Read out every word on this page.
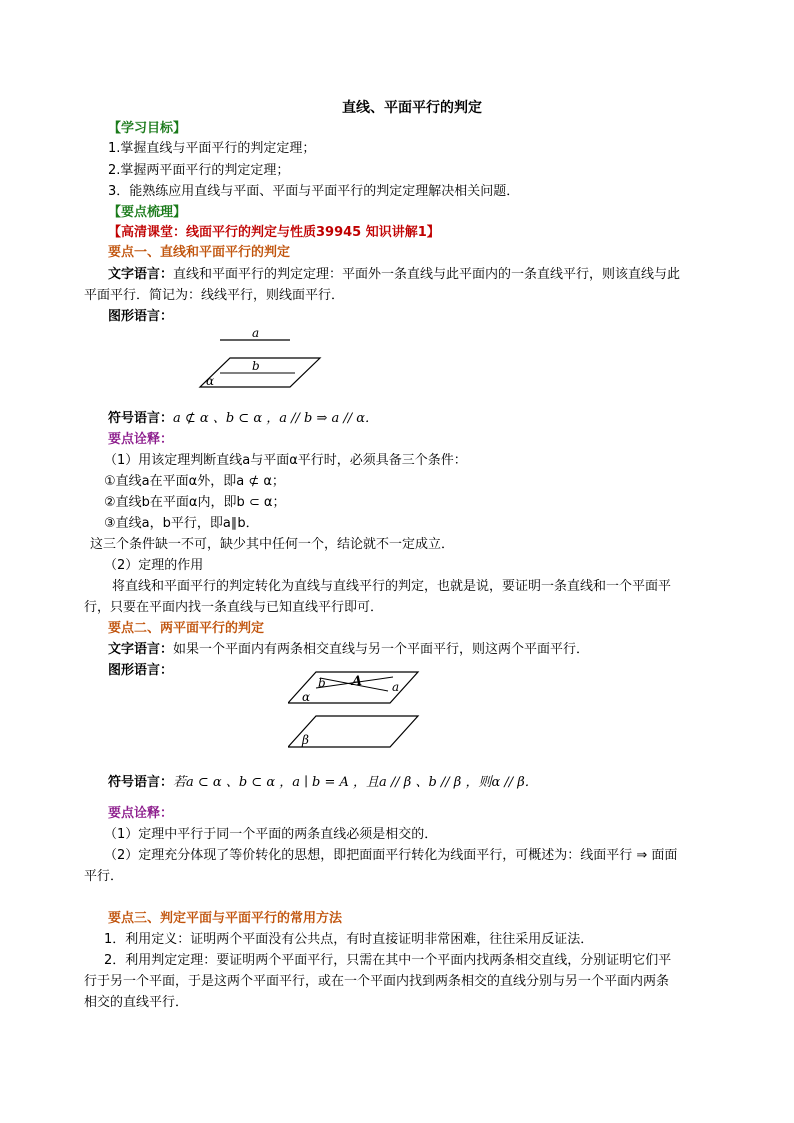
直线、平面平行的判定
【学习目标】
1.掌握直线与平面平行的判定定理；
2.掌握两平面平行的判定定理；
3．能熟练应用直线与平面、平面与平面平行的判定定理解决相关问题．
【要点梳理】
【高清课堂：线面平行的判定与性质39945 知识讲解1】
要点一、直线和平面平行的判定
文字语言：直线和平面平行的判定定理：平面外一条直线与此平面内的一条直线平行，则该直线与此
平面平行．简记为：线线平行，则线面平行．
图形语言：
a
b
α
符号语言：a ⊄ α 、b ⊂ α ，a // b ⇒ a // α．
要点诠释：
（1）用该定理判断直线a与平面α平行时，必须具备三个条件：
①直线a在平面α外，即a ⊄ α；
②直线b在平面α内，即b ⊂ α；
③直线a，b平行，即a∥b．
这三个条件缺一不可，缺少其中任何一个，结论就不一定成立．
（2）定理的作用
将直线和平面平行的判定转化为直线与直线平行的判定，也就是说，要证明一条直线和一个平面平
行，只要在平面内找一条直线与已知直线平行即可．
要点二、两平面平行的判定
文字语言：如果一个平面内有两条相交直线与另一个平面平行，则这两个平面平行．
图形语言：
b A a
α
β
符号语言：若a ⊂ α 、b ⊂ α ，a ∣ b = A ，且a // β 、b // β ，则α // β．
要点诠释：
（1）定理中平行于同一个平面的两条直线必须是相交的．
（2）定理充分体现了等价转化的思想，即把面面平行转化为线面平行，可概述为：线面平行 ⇒ 面面
平行．
要点三、判定平面与平面平行的常用方法
1．利用定义：证明两个平面没有公共点，有时直接证明非常困难，往往采用反证法．
2．利用判定定理：要证明两个平面平行，只需在其中一个平面内找两条相交直线，分别证明它们平
行于另一个平面，于是这两个平面平行，或在一个平面内找到两条相交的直线分别与另一个平面内两条
相交的直线平行．
